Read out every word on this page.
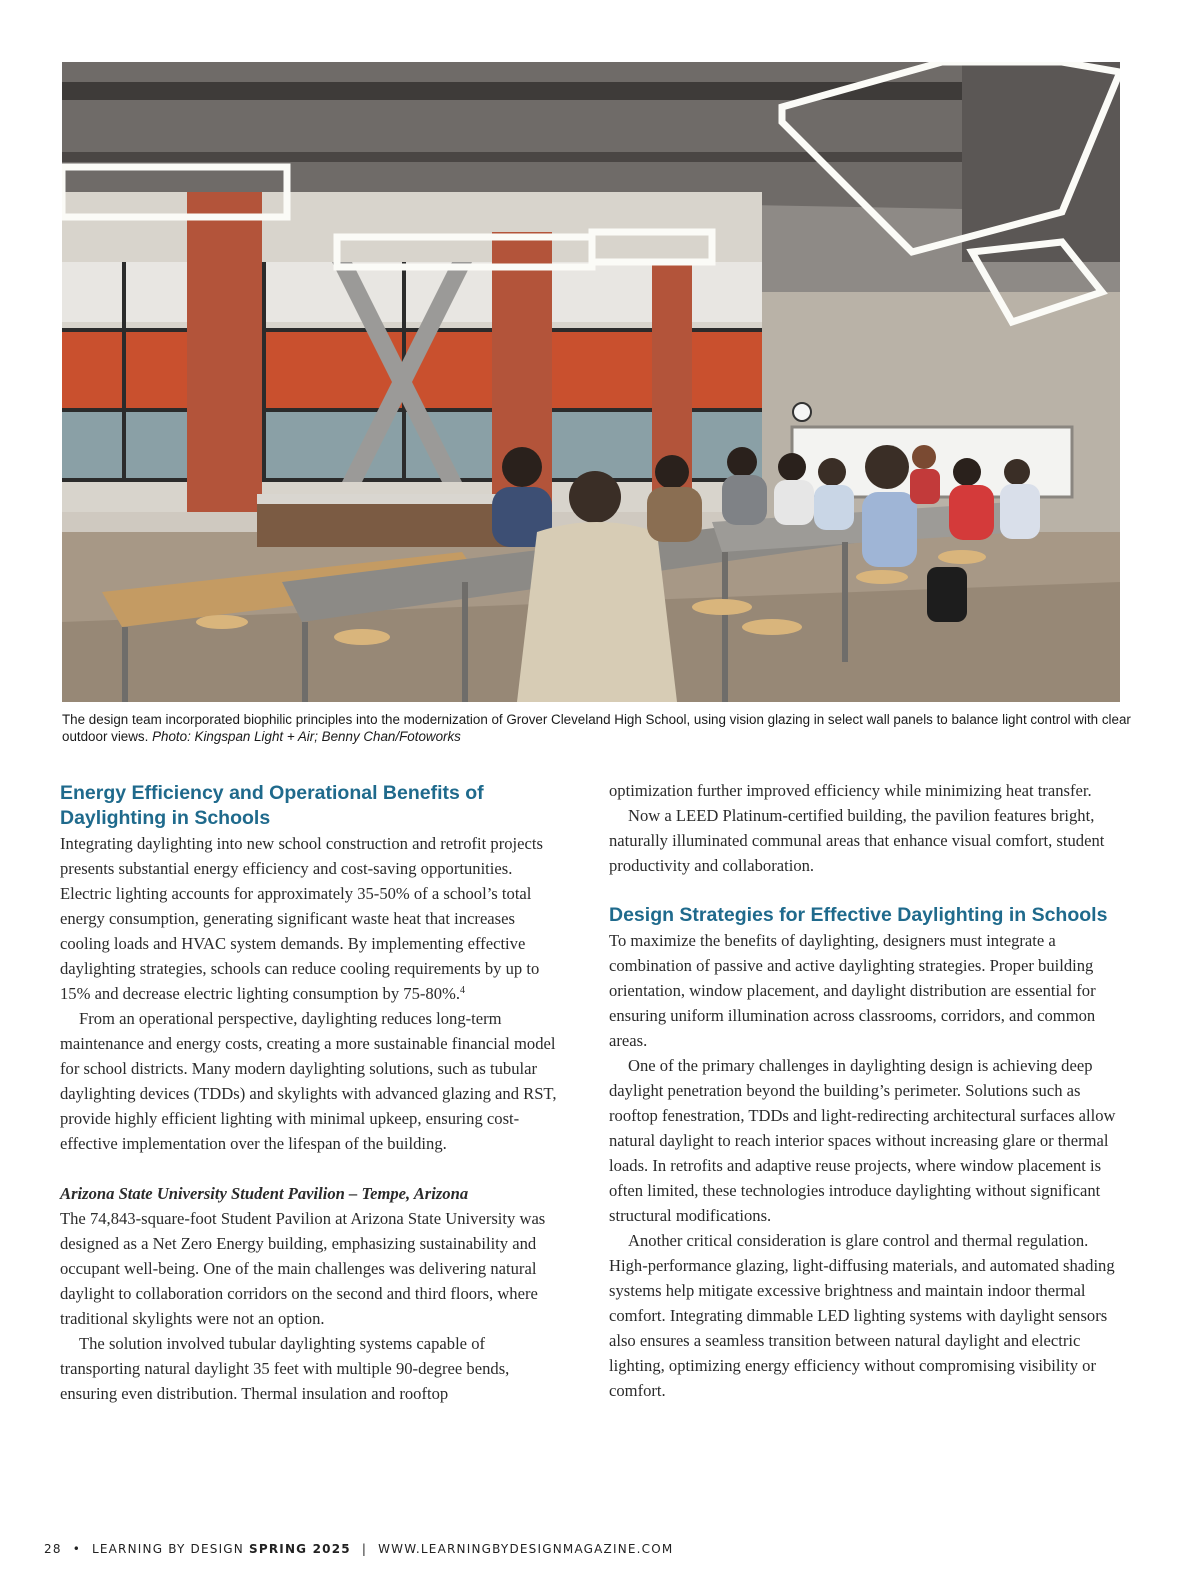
The design team incorporated biophilic principles into the modernization of Grover Cleveland High School, using vision glazing in select wall panels to balance light control with clear outdoor views. Photo: Kingspan Light + Air; Benny Chan/Fotoworks
Energy Efficiency and Operational Benefits of Daylighting in Schools

Integrating daylighting into new school construction and retrofit projects presents substantial energy efficiency and cost-saving opportunities. Electric lighting accounts for approximately 35-50% of a school’s total energy consumption, generating significant waste heat that increases cooling loads and HVAC system demands. By implementing effective daylighting strategies, schools can reduce cooling requirements by up to 15% and decrease electric lighting consumption by 75-80%.$^4$

From an operational perspective, daylighting reduces long-term maintenance and energy costs, creating a more sustainable financial model for school districts. Many modern daylighting solutions, such as tubular daylighting devices (TDDs) and skylights with advanced glazing and RST, provide highly efficient lighting with minimal upkeep, ensuring cost-effective implementation over the lifespan of the building.

Arizona State University Student Pavilion – Tempe, Arizona

The 74,843-square-foot Student Pavilion at Arizona State University was designed as a Net Zero Energy building, emphasizing sustainability and occupant well-being. One of the main challenges was delivering natural daylight to collaboration corridors on the second and third floors, where traditional skylights were not an option.

The solution involved tubular daylighting systems capable of transporting natural daylight 35 feet with multiple 90-degree bends, ensuring even distribution. Thermal insulation and rooftop

optimization further improved efficiency while minimizing heat transfer.

Now a LEED Platinum-certified building, the pavilion features bright, naturally illuminated communal areas that enhance visual comfort, student productivity and collaboration.

Design Strategies for Effective Daylighting in Schools

To maximize the benefits of daylighting, designers must integrate a combination of passive and active daylighting strategies. Proper building orientation, window placement, and daylight distribution are essential for ensuring uniform illumination across classrooms, corridors, and common areas.

One of the primary challenges in daylighting design is achieving deep daylight penetration beyond the building’s perimeter. Solutions such as rooftop fenestration, TDDs and light-redirecting architectural surfaces allow natural daylight to reach interior spaces without increasing glare or thermal loads. In retrofits and adaptive reuse projects, where window placement is often limited, these technologies introduce daylighting without significant structural modifications.

Another critical consideration is glare control and thermal regulation. High-performance glazing, light-diffusing materials, and automated shading systems help mitigate excessive brightness and maintain indoor thermal comfort. Integrating dimmable LED lighting systems with daylight sensors also ensures a seamless transition between natural daylight and electric lighting, optimizing energy efficiency without compromising visibility or comfort.

28 • LEARNING BY DESIGN SPRING 2025 | WWW.LEARNINGBYDESIGNMAGAZINE.COM
